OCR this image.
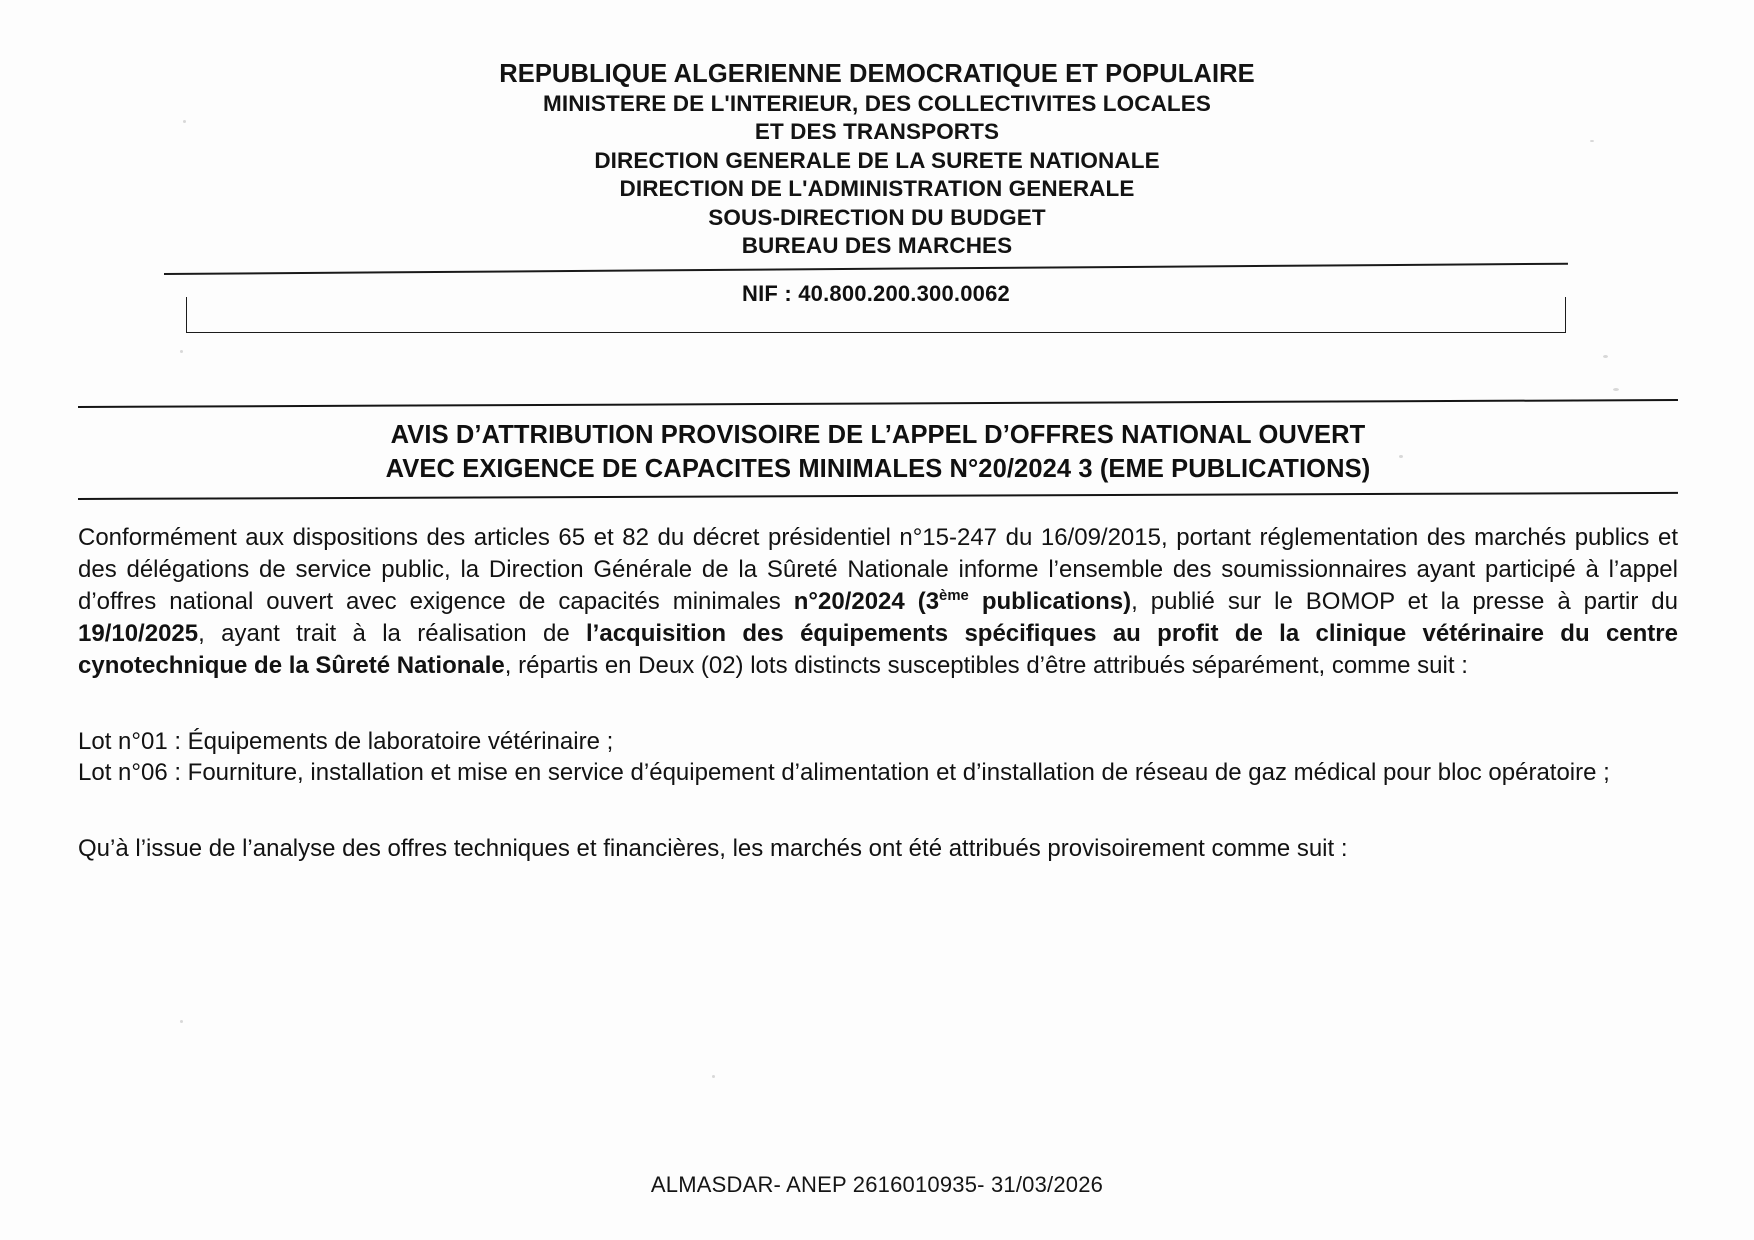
REPUBLIQUE ALGERIENNE DEMOCRATIQUE ET POPULAIRE
MINISTERE DE L'INTERIEUR, DES COLLECTIVITES LOCALES
ET DES TRANSPORTS
DIRECTION GENERALE DE LA SURETE NATIONALE
DIRECTION DE L'ADMINISTRATION GENERALE
SOUS-DIRECTION DU BUDGET
BUREAU DES MARCHES
NIF : 40.800.200.300.0062
AVIS D’ATTRIBUTION PROVISOIRE DE L’APPEL D’OFFRES NATIONAL OUVERT
AVEC EXIGENCE DE CAPACITES MINIMALES N°20/2024 3 (EME PUBLICATIONS)

Conformément aux dispositions des articles 65 et 82 du décret présidentiel n°15-247 du 16/09/2015, portant réglementation des marchés publics et des délégations de service public, la Direction Générale de la Sûreté Nationale informe l’ensemble des soumissionnaires ayant participé à l’appel d’offres national ouvert avec exigence de capacités minimales n°20/2024 (3ème publications), publié sur le BOMOP et la presse à partir du 19/10/2025, ayant trait à la réalisation de l’acquisition des équipements spécifiques au profit de la clinique vétérinaire du centre cynotechnique de la Sûreté Nationale, répartis en Deux (02) lots distincts susceptibles d’être attribués séparément, comme suit :

Lot n°01 : Équipements de laboratoire vétérinaire ;
Lot n°06 : Fourniture, installation et mise en service d’équipement d’alimentation et d’installation de réseau de gaz médical pour bloc opératoire ;

Qu’à l’issue de l’analyse des offres techniques et financières, les marchés ont été attribués provisoirement comme suit :

ALMASDAR- ANEP 2616010935- 31/03/2026
